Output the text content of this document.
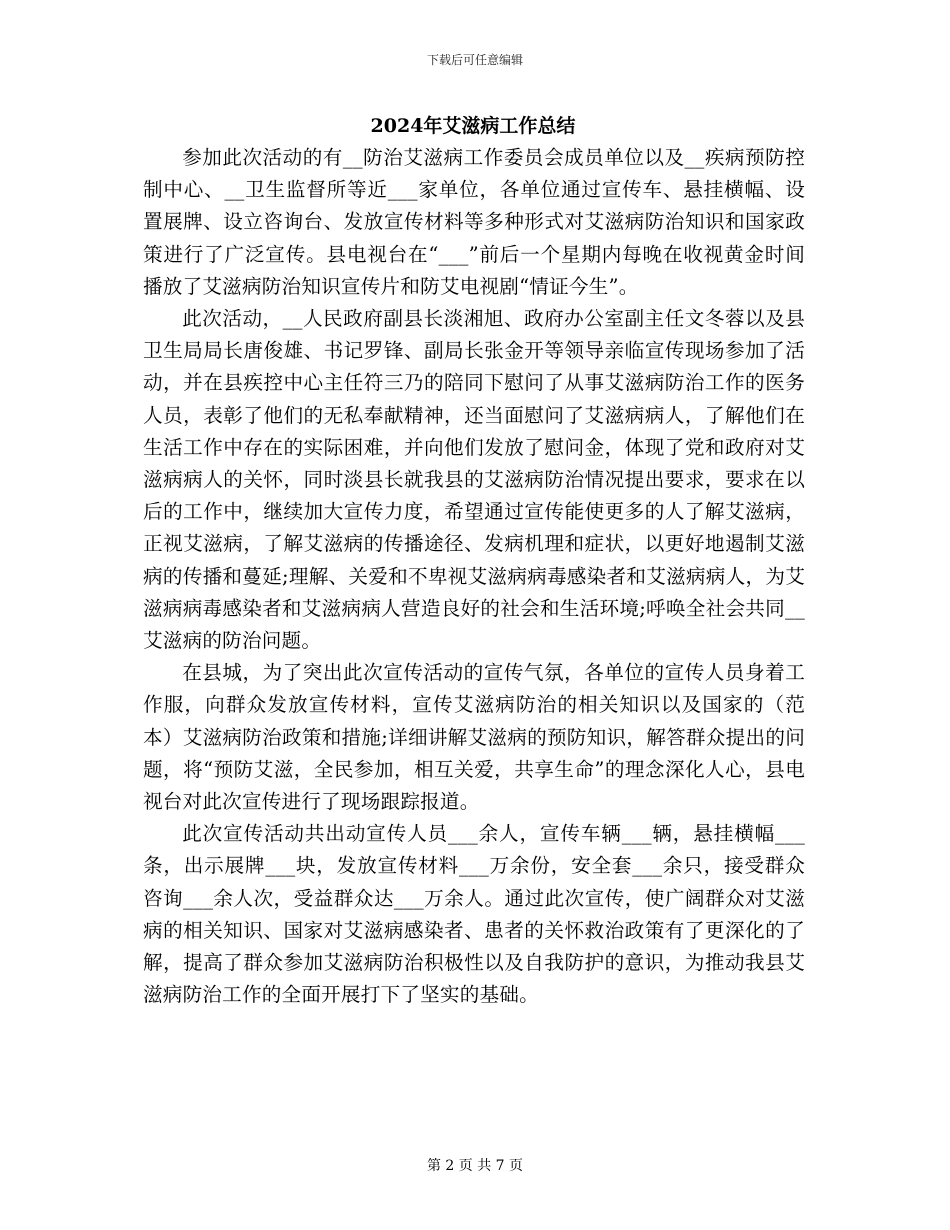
下载后可任意编辑
2024年艾滋病工作总结

参加此次活动的有__防治艾滋病工作委员会成员单位以及__疾病预防控制中心、__卫生监督所等近___家单位，各单位通过宣传车、悬挂横幅、设置展牌、设立咨询台、发放宣传材料等多种形式对艾滋病防治知识和国家政策进行了广泛宣传。县电视台在“___”前后一个星期内每晚在收视黄金时间播放了艾滋病防治知识宣传片和防艾电视剧“情证今生”。

此次活动，__人民政府副县长淡湘旭、政府办公室副主任文冬蓉以及县卫生局局长唐俊雄、书记罗锋、副局长张金开等领导亲临宣传现场参加了活动，并在县疾控中心主任符三乃的陪同下慰问了从事艾滋病防治工作的医务人员，表彰了他们的无私奉献精神，还当面慰问了艾滋病病人，了解他们在生活工作中存在的实际困难，并向他们发放了慰问金，体现了党和政府对艾滋病病人的关怀，同时淡县长就我县的艾滋病防治情况提出要求，要求在以后的工作中，继续加大宣传力度，希望通过宣传能使更多的人了解艾滋病，正视艾滋病，了解艾滋病的传播途径、发病机理和症状，以更好地遏制艾滋病的传播和蔓延;理解、关爱和不卑视艾滋病病毒感染者和艾滋病病人，为艾滋病病毒感染者和艾滋病病人营造良好的社会和生活环境;呼唤全社会共同__艾滋病的防治问题。

在县城，为了突出此次宣传活动的宣传气氛，各单位的宣传人员身着工作服，向群众发放宣传材料，宣传艾滋病防治的相关知识以及国家的（范本）艾滋病防治政策和措施;详细讲解艾滋病的预防知识，解答群众提出的问题，将“预防艾滋，全民参加，相互关爱，共享生命”的理念深化人心，县电视台对此次宣传进行了现场跟踪报道。

此次宣传活动共出动宣传人员___余人，宣传车辆___辆，悬挂横幅___条，出示展牌___块，发放宣传材料___万余份，安全套___余只，接受群众咨询___余人次，受益群众达___万余人。通过此次宣传，使广阔群众对艾滋病的相关知识、国家对艾滋病感染者、患者的关怀救治政策有了更深化的了解，提高了群众参加艾滋病防治积极性以及自我防护的意识，为推动我县艾滋病防治工作的全面开展打下了坚实的基础。

第 2 页 共 7 页
